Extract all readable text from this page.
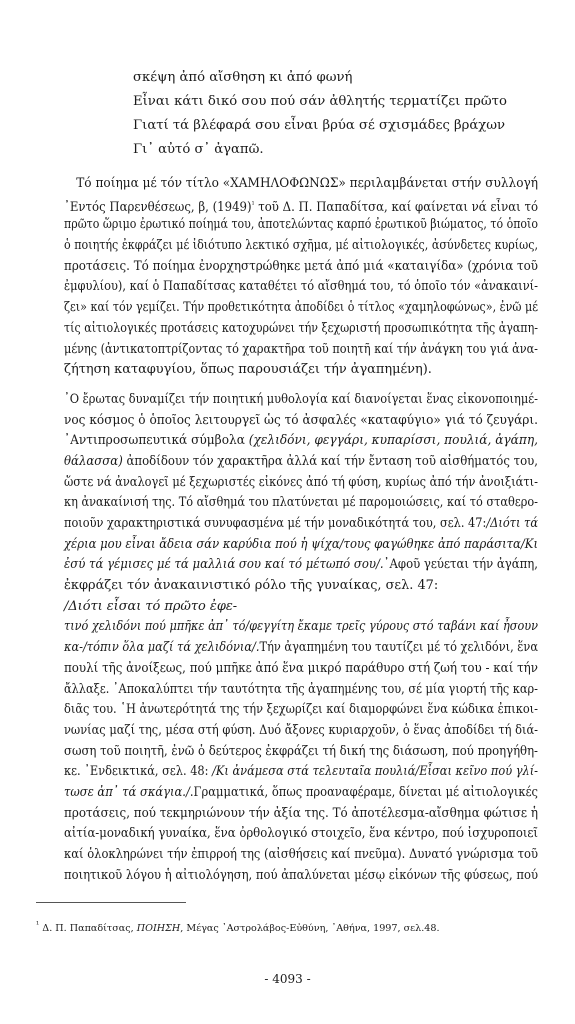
σκέψη ἀπό αἴσθηση κι ἀπό φωνή
Εἶναι κάτι δικό σου πού σάν ἀθλητής τερματίζει πρῶτο
Γιατί τά βλέφαρά σου εἶναι βρύα σέ σχισμάδες βράχων
Γι᾽ αὐτό σ᾽ ἀγαπῶ.
Τό ποίημα μέ τόν τίτλο «ΧΑΜΗΛΟΦΩΝΩΣ» περιλαμβάνεται στήν συλλογή
᾽Εντός Παρενθέσεως, β, $(1949)^{^1}$ τοῦ Δ. Π. Παπαδίτσα, καί φαίνεται νά εἶναι τό
πρῶτο ὥριμο ἐρωτικό ποίημά του, ἀποτελώντας καρπό ἐρωτικοῦ βιώματος, τό ὁποῖο
ὁ ποιητής ἐκφράζει μέ ἰδιότυπο λεκτικό σχῆμα, μέ αἰτιολογικές, ἀσύνδετες κυρίως,
προτάσεις. Τό ποίημα ἐνορχηστρώθηκε μετά ἀπό μιά «καταιγίδα» (χρόνια τοῦ
ἐμφυλίου), καί ὁ Παπαδίτσας καταθέτει τό αἴσθημά του, τό ὁποῖο τόν «ἀνακαινί-
ζει» καί τόν γεμίζει. Τήν προθετικότητα ἀποδίδει ὁ τίτλος «χαμηλοφώνως», ἐνῶ μέ
τίς αἰτιολογικές προτάσεις κατοχυρώνει τήν ξεχωριστή προσωπικότητα τῆς ἀγαπη-
μένης (ἀντικατοπτρίζοντας τό χαρακτῆρα τοῦ ποιητῆ καί τήν ἀνάγκη του γιά ἀνα-
ζήτηση καταφυγίου, ὅπως παρουσιάζει τήν ἀγαπημένη).
᾽Ο ἔρωτας δυναμίζει τήν ποιητική μυθολογία καί διανοίγεται ἕνας εἰκονοποιημέ-
νος κόσμος ὁ ὁποῖος λειτουργεῖ ὡς τό ἀσφαλές «καταφύγιο» γιά τό ζευγάρι.
᾽Αντιπροσωπευτικά σύμβολα (χελιδόνι, φεγγάρι, κυπαρίσσι, πουλιά, ἀγάπη,
θάλασσα) ἀποδίδουν τόν χαρακτῆρα ἀλλά καί τήν ἔνταση τοῦ αἰσθήματός του,
ὥστε νά ἀναλογεῖ μέ ξεχωριστές εἰκόνες ἀπό τή φύση, κυρίως ἀπό τήν ἀνοιξιάτι-
κη ἀνακαίνισή της. Τό αἴσθημά του πλατύνεται μέ παρομοιώσεις, καί τό σταθερο-
ποιοῦν χαρακτηριστικά συνυφασμένα μέ τήν μοναδικότητά του, σελ. 47:/Διότι τά
χέρια μου εἶναι ἄδεια σάν καρύδια πού ἡ ψίχα/τους φαγώθηκε ἀπό παράσιτα/Κι
ἐσύ τά γέμισες μέ τά μαλλιά σου καί τό μέτωπό σου/.᾽Αφοῦ γεύεται τήν ἀγάπη,
ἐκφράζει τόν ἀνακαινιστικό ρόλο τῆς γυναίκας, σελ. 47:
/Διότι εἶσαι τό πρῶτο ἐφε-
τινό χελιδόνι πού μπῆκε ἀπ᾽ τό/φεγγίτη ἔκαμε τρεῖς γύρους στό ταβάνι καί ἦσουν
κα-/τόπιν ὅλα μαζί τά χελιδόνια/.Τήν ἀγαπημένη του ταυτίζει μέ τό χελιδόνι, ἕνα
πουλί τῆς ἀνοίξεως, πού μπῆκε ἀπό ἕνα μικρό παράθυρο στή ζωή του - καί τήν
ἄλλαξε. ᾽Αποκαλύπτει τήν ταυτότητα τῆς ἀγαπημένης του, σέ μία γιορτή τῆς καρ-
διᾶς του. ῾Η ἀνωτερότητά της τήν ξεχωρίζει καί διαμορφώνει ἕνα κώδικα ἐπικοι-
νωνίας μαζί της, μέσα στή φύση. Δυό ἄξονες κυριαρχοῦν, ὁ ἕνας ἀποδίδει τή διά-
σωση τοῦ ποιητῆ, ἐνῶ ὁ δεύτερος ἐκφράζει τή δική της διάσωση, πού προηγήθη-
κε. ᾽Ενδεικτικά, σελ. 48: /Κι ἀνάμεσα στά τελευταῖα πουλιά/Εἶσαι κεῖνο πού γλί-
τωσε ἀπ᾽ τά σκάγια./.Γραμματικά, ὅπως προαναφέραμε, δίνεται μέ αἰτιολογικές
προτάσεις, πού τεκμηριώνουν τήν ἀξία της. Τό ἀποτέλεσμα-αἴσθημα φώτισε ἡ
αἰτία-μοναδική γυναίκα, ἕνα ὀρθολογικό στοιχεῖο, ἕνα κέντρο, πού ἰσχυροποιεῖ
καί ὁλοκληρώνει τήν ἐπιρροή της (αἰσθήσεις καί πνεῦμα). Δυνατό γνώρισμα τοῦ
ποιητικοῦ λόγου ἡ αἰτιολόγηση, πού ἀπαλύνεται μέσῳ εἰκόνων τῆς φύσεως, πού
$^{^1}$ Δ. Π. Παπαδίτσας, ΠΟΙΗΣΗ, Μέγας ᾽Αστρολάβος-Εὐθύνη, ᾽Αθήνα, 1997, σελ.48.
- 4093 -
